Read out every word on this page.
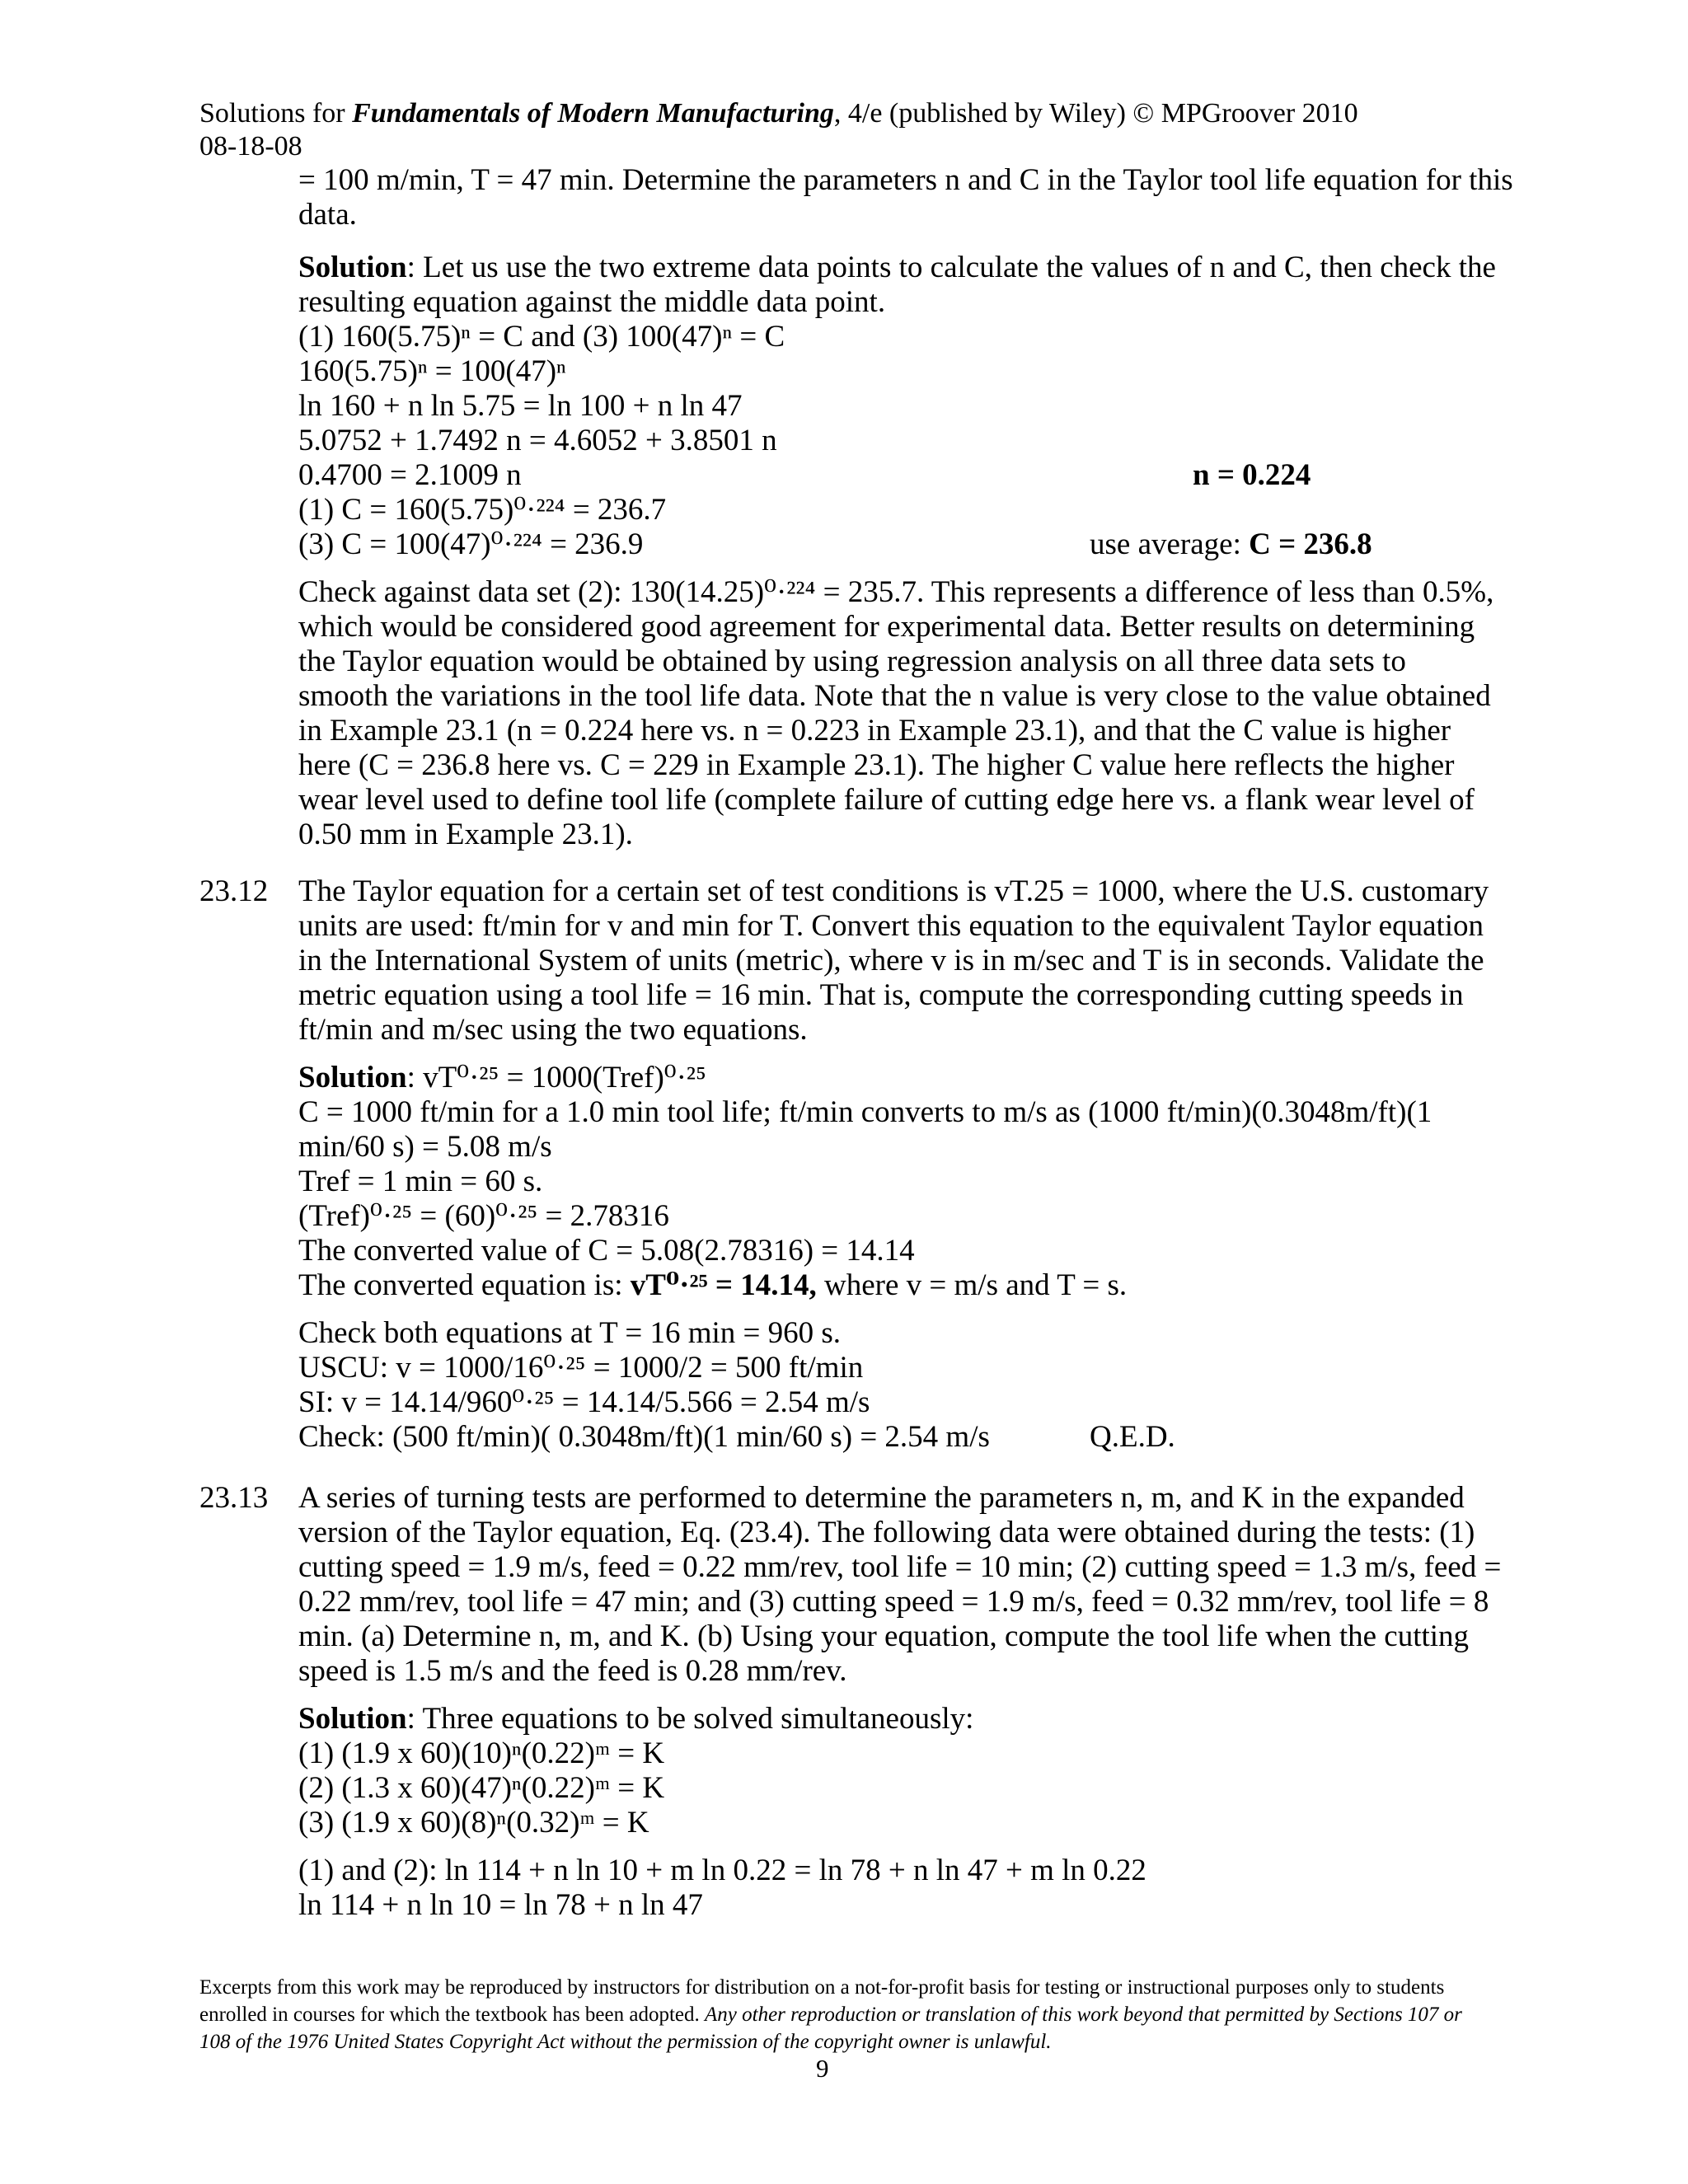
Solutions for Fundamentals of Modern Manufacturing, 4/e (published by Wiley) © MPGroover 2010
08-18-08
= 100 m/min, T = 47 min. Determine the parameters n and C in the Taylor tool life equation for this
data.
Solution: Let us use the two extreme data points to calculate the values of n and C, then check the resulting equation against the middle data point.
(1) 160(5.75)ⁿ = C and (3) 100(47)ⁿ = C
160(5.75)ⁿ = 100(47)ⁿ
ln 160 + n ln 5.75 = ln 100 + n ln 47
5.0752 + 1.7492 n = 4.6052 + 3.8501 n
0.4700 = 2.1009 n	n = 0.224
(1) C = 160(5.75)⁰·²²⁴ = 236.7
(3) C = 100(47)⁰·²²⁴ = 236.9	use average: C = 236.8
Check against data set (2): 130(14.25)⁰·²²⁴ = 235.7. This represents a difference of less than 0.5%, which would be considered good agreement for experimental data. Better results on determining the Taylor equation would be obtained by using regression analysis on all three data sets to smooth the variations in the tool life data. Note that the n value is very close to the value obtained in Example 23.1 (n = 0.224 here vs. n = 0.223 in Example 23.1), and that the C value is higher here (C = 236.8 here vs. C = 229 in Example 23.1). The higher C value here reflects the higher wear level used to define tool life (complete failure of cutting edge here vs. a flank wear level of 0.50 mm in Example 23.1).
23.12 The Taylor equation for a certain set of test conditions is vT.25 = 1000, where the U.S. customary units are used: ft/min for v and min for T. Convert this equation to the equivalent Taylor equation in the International System of units (metric), where v is in m/sec and T is in seconds. Validate the metric equation using a tool life = 16 min. That is, compute the corresponding cutting speeds in ft/min and m/sec using the two equations.
Solution: vT⁰·²⁵ = 1000(Tref)⁰·²⁵
C = 1000 ft/min for a 1.0 min tool life; ft/min converts to m/s as (1000 ft/min)(0.3048m/ft)(1
min/60 s) = 5.08 m/s
Tref = 1 min = 60 s.
(Tref)⁰·²⁵ = (60)⁰·²⁵ = 2.78316
The converted value of C = 5.08(2.78316) = 14.14
The converted equation is: vT⁰·²⁵ = 14.14, where v = m/s and T = s.
Check both equations at T = 16 min = 960 s.
USCU: v = 1000/16⁰·²⁵ = 1000/2 = 500 ft/min
SI: v = 14.14/960⁰·²⁵ = 14.14/5.566 = 2.54 m/s
Check: (500 ft/min)( 0.3048m/ft)(1 min/60 s) = 2.54 m/s	Q.E.D.
23.13 A series of turning tests are performed to determine the parameters n, m, and K in the expanded version of the Taylor equation, Eq. (23.4). The following data were obtained during the tests: (1) cutting speed = 1.9 m/s, feed = 0.22 mm/rev, tool life = 10 min; (2) cutting speed = 1.3 m/s, feed = 0.22 mm/rev, tool life = 47 min; and (3) cutting speed = 1.9 m/s, feed = 0.32 mm/rev, tool life = 8 min. (a) Determine n, m, and K. (b) Using your equation, compute the tool life when the cutting speed is 1.5 m/s and the feed is 0.28 mm/rev.
Solution: Three equations to be solved simultaneously:
(1) (1.9 x 60)(10)ⁿ(0.22)ᵐ = K
(2) (1.3 x 60)(47)ⁿ(0.22)ᵐ = K
(3) (1.9 x 60)(8)ⁿ(0.32)ᵐ = K
(1) and (2): ln 114 + n ln 10 + m ln 0.22 = ln 78 + n ln 47 + m ln 0.22
ln 114 + n ln 10 = ln 78 + n ln 47
Excerpts from this work may be reproduced by instructors for distribution on a not-for-profit basis for testing or instructional purposes only to students enrolled in courses for which the textbook has been adopted. Any other reproduction or translation of this work beyond that permitted by Sections 107 or 108 of the 1976 United States Copyright Act without the permission of the copyright owner is unlawful.
9
